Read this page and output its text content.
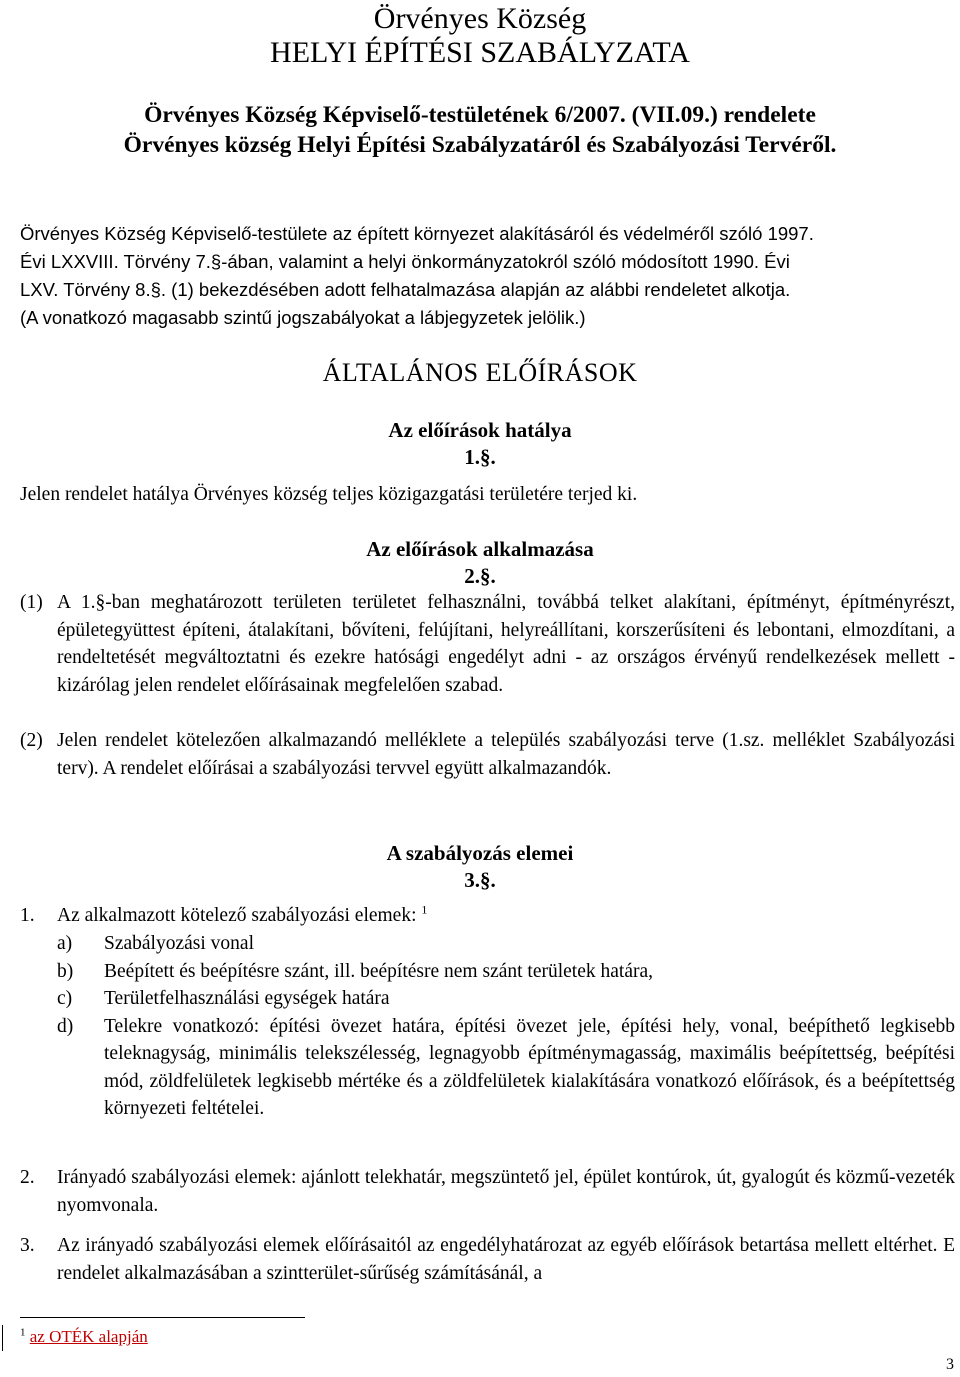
Örvényes Község
HELYI ÉPÍTÉSI SZABÁLYZATA
Örvényes Község Képviselő-testületének 6/2007. (VII.09.) rendelete
Örvényes község Helyi Építési Szabályzatáról és Szabályozási Tervéről.

Örvényes Község Képviselő-testülete az épített környezet alakításáról és védelméről szóló 1997.

Évi LXXVIII. Törvény 7.§-ában, valamint a helyi önkormányzatokról szóló módosított 1990. Évi

LXV. Törvény 8.§. (1) bekezdésében adott felhatalmazása alapján az alábbi rendeletet alkotja.

(A vonatkozó magasabb szintű jogszabályokat a lábjegyzetek jelölik.)

ÁLTALÁNOS ELŐÍRÁSOK
Az előírások hatálya
1.§.
Jelen rendelet hatálya Örvényes község teljes közigazgatási területére terjed ki.
Az előírások alkalmazása
2.§.
(1) A 1.§-ban meghatározott területen területet felhasználni, továbbá telket alakítani, építményt, építményrészt, épületegyüttest építeni, átalakítani, bővíteni, felújítani, helyreállítani, korszerűsíteni és lebontani, elmozdítani, a rendeltetését megváltoztatni és ezekre hatósági engedélyt adni - az országos érvényű rendelkezések mellett - kizárólag jelen rendelet előírásainak megfelelően szabad.
(2) Jelen rendelet kötelezően alkalmazandó melléklete a település szabályozási terve (1.sz. melléklet Szabályozási terv). A rendelet előírásai a szabályozási tervvel együtt alkalmazandók.
A szabályozás elemei
3.§.
1. Az alkalmazott kötelező szabályozási elemek: $^1$
a) Szabályozási vonal
b) Beépített és beépítésre szánt, ill. beépítésre nem szánt területek határa,
c) Területfelhasználási egységek határa
d) Telekre vonatkozó: építési övezet határa, építési övezet jele, építési hely, vonal, beépíthető legkisebb teleknagyság, minimális telekszélesség, legnagyobb építménymagasság, maximális beépítettség, beépítési mód, zöldfelületek legkisebb mértéke és a zöldfelületek kialakítására vonatkozó előírások, és a beépítettség környezeti feltételei.
2. Irányadó szabályozási elemek: ajánlott telekhatár, megszüntető jel, épület kontúrok, út, gyalogút és közmű-vezeték nyomvonala.
3. Az irányadó szabályozási elemek előírásaitól az engedélyhatározat az egyéb előírások betartása mellett eltérhet. E rendelet alkalmazásában a szintterület-sűrűség számításánál, a
$^1$ az OTÉK alapján
3
